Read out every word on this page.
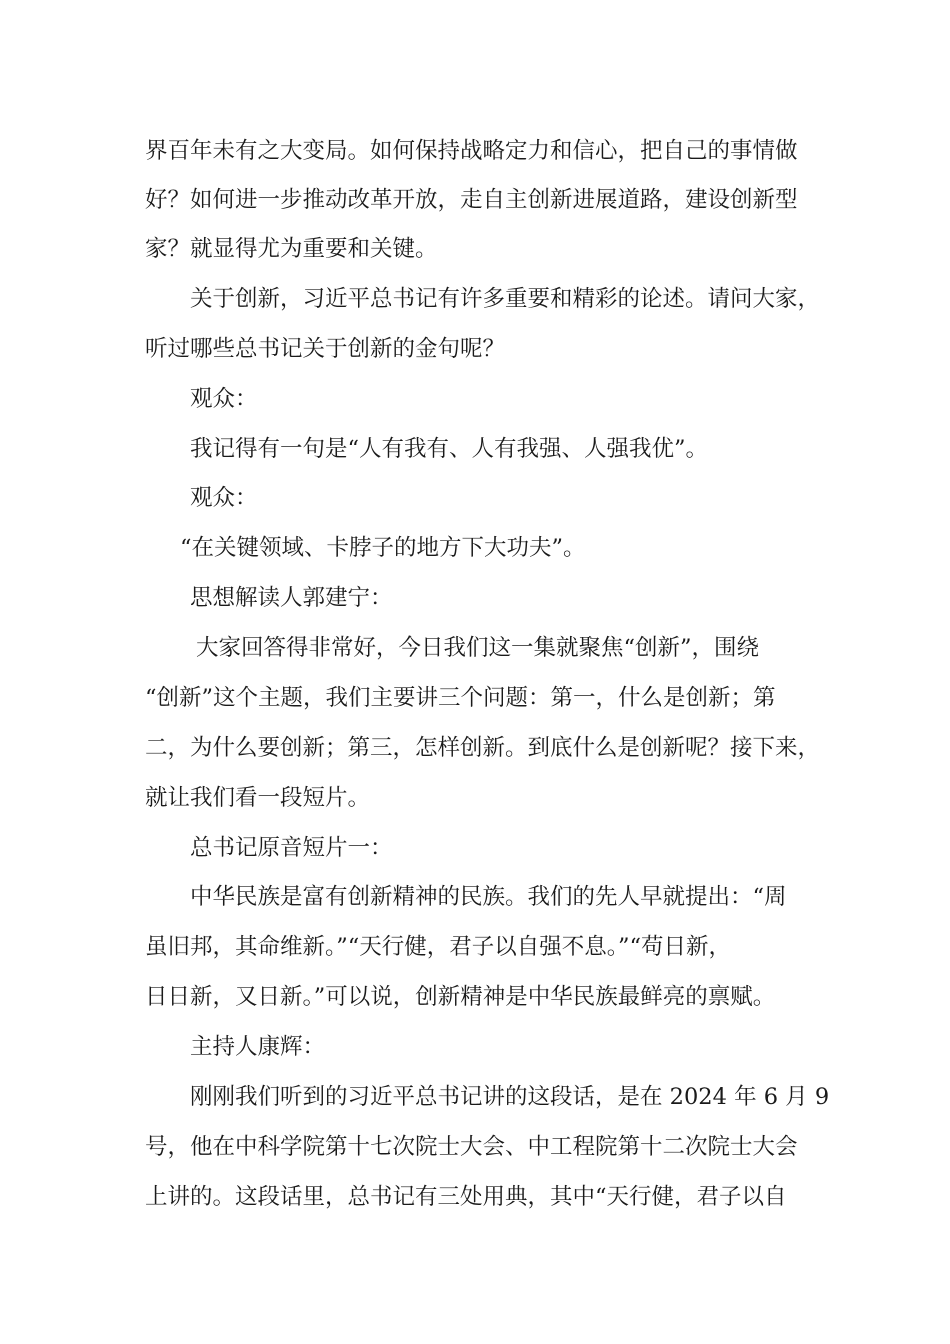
界百年未有之大变局。如何保持战略定力和信心，把自己的事情做
好？如何进一步推动改革开放，走自主创新进展道路，建设创新型
家？就显得尤为重要和关键。
关于创新，习近平总书记有许多重要和精彩的论述。请问大家，
听过哪些总书记关于创新的金句呢？
观众：
我记得有一句是“人有我有、人有我强、人强我优”。
观众：
“在关键领域、卡脖子的地方下大功夫”。
思想解读人郭建宁：
大家回答得非常好，今日我们这一集就聚焦“创新”，围绕
“创新”这个主题，我们主要讲三个问题：第一，什么是创新；第
二，为什么要创新；第三，怎样创新。到底什么是创新呢？接下来，
就让我们看一段短片。
总书记原音短片一：
中华民族是富有创新精神的民族。我们的先人早就提出：“周
虽旧邦，其命维新。”“天行健，君子以自强不息。”“苟日新，
日日新，又日新。”可以说，创新精神是中华民族最鲜亮的禀赋。
主持人康辉：
刚刚我们听到的习近平总书记讲的这段话，是在 2024 年 6 月 9
号，他在中科学院第十七次院士大会、中工程院第十二次院士大会
上讲的。这段话里，总书记有三处用典，其中“天行健，君子以自
